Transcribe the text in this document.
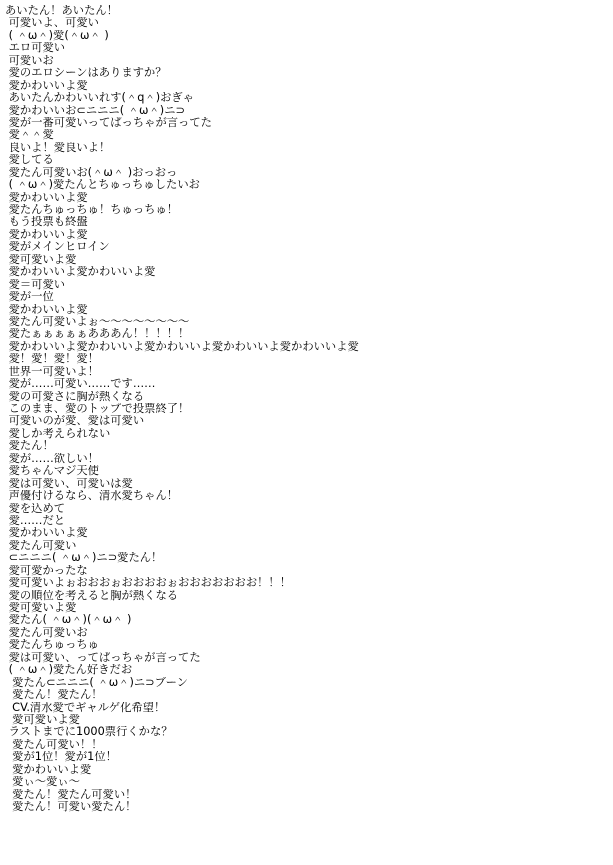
あいたん！あいたん！
可愛いよ、可愛い
( ＾ω＾)愛(＾ω＾ )
エロ可愛い
可愛いお
愛のエロシーンはありますか？
愛かわいいよ愛
あいたんかわいいれす(＾q＾)おぎゃ
愛かわいいお⊂ニニニ( ＾ω＾)ニ⊃
愛が一番可愛いってぱっちゃが言ってた
愛＾＾愛
良いよ！愛良いよ！
愛してる
愛たん可愛いお(＾ω＾ )おっおっ
( ＾ω＾)愛たんとちゅっちゅしたいお
愛かわいいよ愛
愛たんちゅっちゅ！ちゅっちゅ！
もう投票も終盤
愛かわいいよ愛
愛がメインヒロイン
愛可愛いよ愛
愛かわいいよ愛かわいいよ愛
愛＝可愛い
愛が一位
愛かわいいよ愛
愛たん可愛いよぉ～～～～～～～～
愛たぁぁぁぁぁあああん！！！！！
愛かわいいよ愛かわいいよ愛かわいいよ愛かわいいよ愛かわいいよ愛
愛！愛！愛！愛！
世界一可愛いよ！
愛が……可愛い……です……
愛の可愛さに胸が熱くなる
このまま、愛のトップで投票終了！
可愛いのが愛、愛は可愛い
愛しか考えられない
愛たん！
愛が……欲しい！
愛ちゃんマジ天使
愛は可愛い、可愛いは愛
声優付けるなら、清水愛ちゃん！
愛を込めて
愛……だと
愛かわいいよ愛
愛たん可愛い
⊂ニニニ( ＾ω＾)ニ⊃愛たん！
愛可愛かったな
愛可愛いよぉおおおぉおおおおぉおおおおおおお！！！
愛の順位を考えると胸が熱くなる
愛可愛いよ愛
愛たん( ＾ω＾)(＾ω＾ )
愛たん可愛いお
愛たんちゅっちゅ
愛は可愛い、ってぱっちゃが言ってた
( ＾ω＾)愛たん好きだお
愛たん⊂ニニニ( ＾ω＾)ニ⊃ブーン
愛たん！愛たん！
CV.清水愛でギャルゲ化希望！
愛可愛いよ愛
ラストまでに1000票行くかな？
愛たん可愛い！！
愛が1位！愛が1位！
愛かわいいよ愛
愛ぃ～愛ぃ～
愛たん！愛たん可愛い！
愛たん！可愛い愛たん！
